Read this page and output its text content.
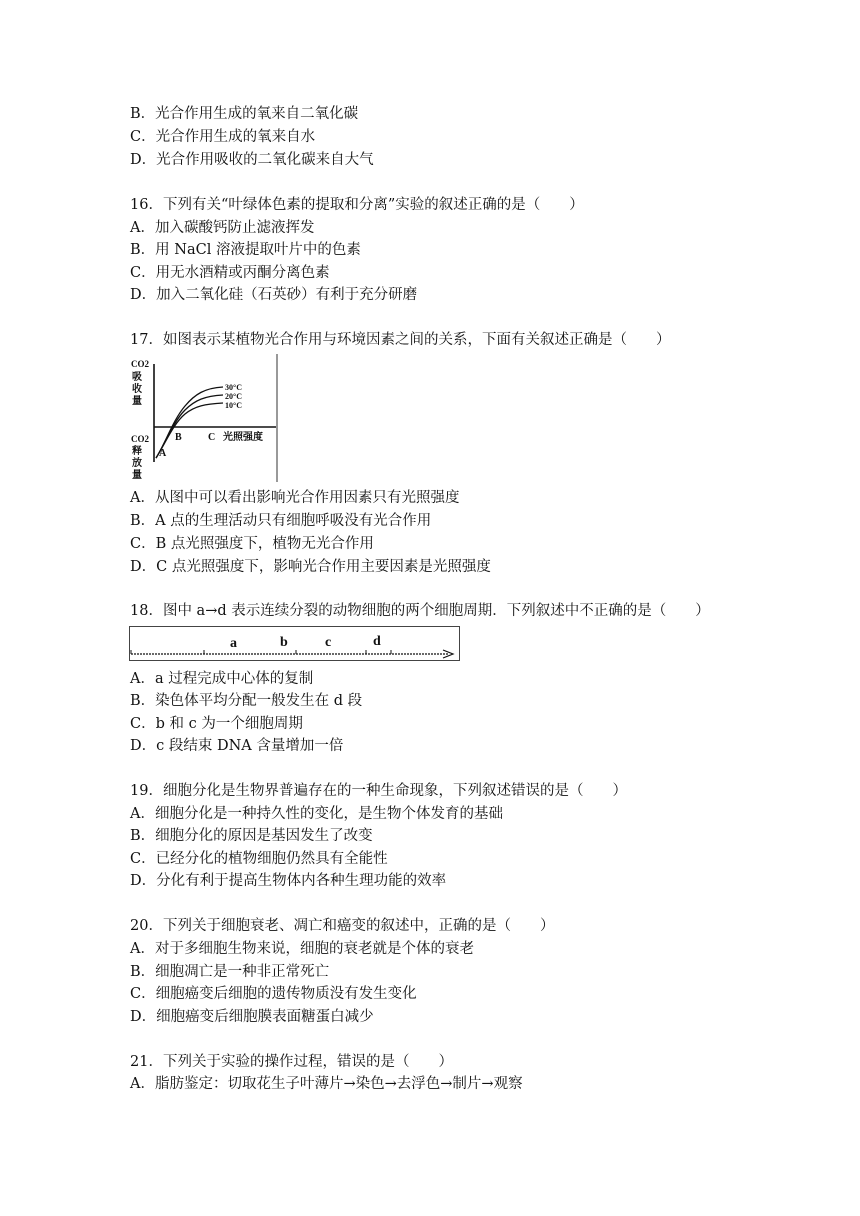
B．光合作用生成的氧来自二氧化碳
C．光合作用生成的氧来自水
D．光合作用吸收的二氧化碳来自大气
16．下列有关“叶绿体色素的提取和分离”实验的叙述正确的是（　　）
A．加入碳酸钙防止滤液挥发
B．用 NaCl 溶液提取叶片中的色素
C．用无水酒精或丙酮分离色素
D．加入二氧化硅（石英砂）有利于充分研磨
17．如图表示某植物光合作用与环境因素之间的关系，下面有关叙述正确是（　　）
CO2
吸
收
量
CO2
释
放
量
30°C
20°C
10°C
A
B	C 光照强度
A．从图中可以看出影响光合作用因素只有光照强度
B．A 点的生理活动只有细胞呼吸没有光合作用
C．B 点光照强度下，植物无光合作用
D．C 点光照强度下，影响光合作用主要因素是光照强度
18．图中 a→d 表示连续分裂的动物细胞的两个细胞周期．下列叙述中不正确的是（　　）
a	b	c	d
A．a 过程完成中心体的复制
B．染色体平均分配一般发生在 d 段
C．b 和 c 为一个细胞周期
D．c 段结束 DNA 含量增加一倍
19．细胞分化是生物界普遍存在的一种生命现象，下列叙述错误的是（　　）
A．细胞分化是一种持久性的变化，是生物个体发育的基础
B．细胞分化的原因是基因发生了改变
C．已经分化的植物细胞仍然具有全能性
D．分化有利于提高生物体内各种生理功能的效率
20．下列关于细胞衰老、凋亡和癌变的叙述中，正确的是（　　）
A．对于多细胞生物来说，细胞的衰老就是个体的衰老
B．细胞凋亡是一种非正常死亡
C．细胞癌变后细胞的遗传物质没有发生变化
D．细胞癌变后细胞膜表面糖蛋白减少
21．下列关于实验的操作过程，错误的是（　　）
A．脂肪鉴定：切取花生子叶薄片→染色→去浮色→制片→观察
